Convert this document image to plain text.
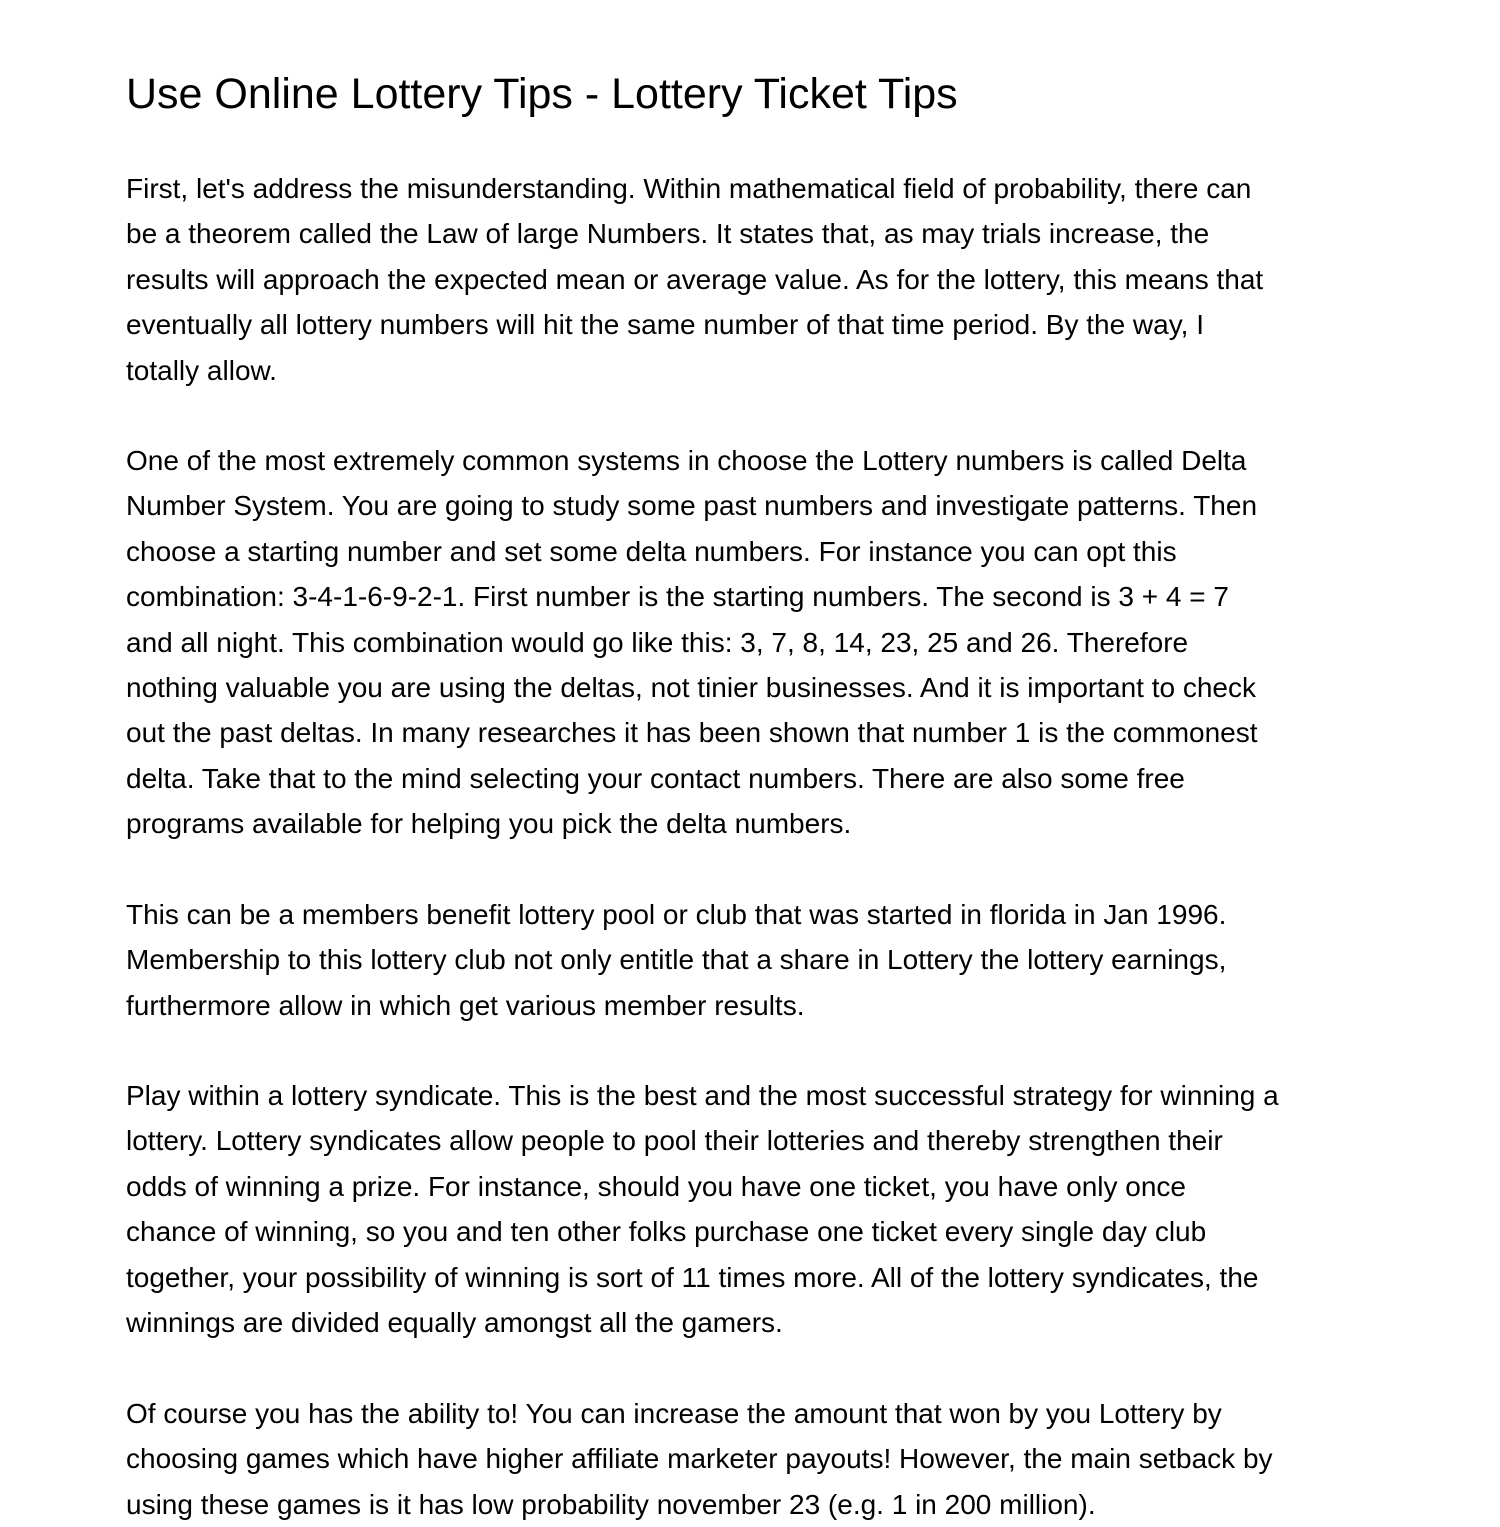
Use Online Lottery Tips - Lottery Ticket Tips

First, let's address the misunderstanding. Within mathematical field of probability, there can
be a theorem called the Law of large Numbers. It states that, as may trials increase, the
results will approach the expected mean or average value. As for the lottery, this means that
eventually all lottery numbers will hit the same number of that time period. By the way, I
totally allow.

One of the most extremely common systems in choose the Lottery numbers is called Delta
Number System. You are going to study some past numbers and investigate patterns. Then
choose a starting number and set some delta numbers. For instance you can opt this
combination: 3-4-1-6-9-2-1. First number is the starting numbers. The second is 3 + 4 = 7
and all night. This combination would go like this: 3, 7, 8, 14, 23, 25 and 26. Therefore
nothing valuable you are using the deltas, not tinier businesses. And it is important to check
out the past deltas. In many researches it has been shown that number 1 is the commonest
delta. Take that to the mind selecting your contact numbers. There are also some free
programs available for helping you pick the delta numbers.

This can be a members benefit lottery pool or club that was started in florida in Jan 1996.
Membership to this lottery club not only entitle that a share in Lottery the lottery earnings,
furthermore allow in which get various member results.

Play within a lottery syndicate. This is the best and the most successful strategy for winning a
lottery. Lottery syndicates allow people to pool their lotteries and thereby strengthen their
odds of winning a prize. For instance, should you have one ticket, you have only once
chance of winning, so you and ten other folks purchase one ticket every single day club
together, your possibility of winning is sort of 11 times more. All of the lottery syndicates, the
winnings are divided equally amongst all the gamers.

Of course you has the ability to! You can increase the amount that won by you Lottery by
choosing games which have higher affiliate marketer payouts! However, the main setback by
using these games is it has low probability november 23 (e.g. 1 in 200 million).
